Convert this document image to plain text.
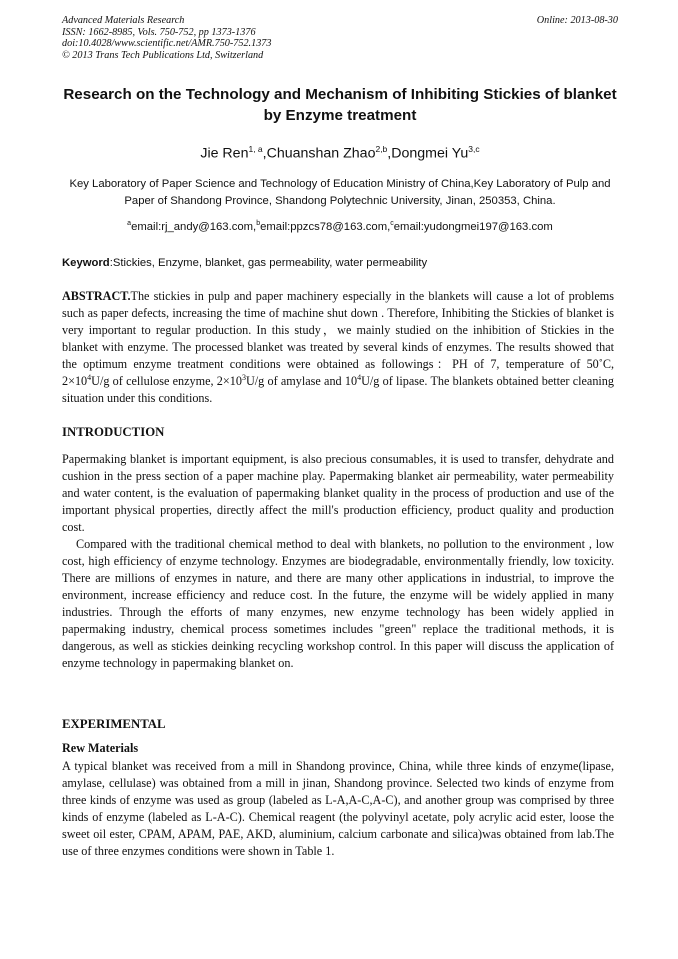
Advanced Materials Research
ISSN: 1662-8985, Vols. 750-752, pp 1373-1376
doi:10.4028/www.scientific.net/AMR.750-752.1373
© 2013 Trans Tech Publications Ltd, Switzerland
Online: 2013-08-30
Research on the Technology and Mechanism of Inhibiting Stickies of blanket by Enzyme treatment
Jie Ren$^{1, a}$,Chuanshan Zhao$^{2,b}$,Dongmei Yu$^{3,c}$
Key Laboratory of Paper Science and Technology of Education Ministry of China,Key Laboratory of Pulp and Paper of Shandong Province, Shandong Polytechnic University, Jinan, 250353, China.
$^a$email:rj_andy@163.com,$^b$email:ppzcs78@163.com,$^c$email:yudongmei197@163.com
Keyword:Stickies, Enzyme, blanket, gas permeability, water permeability
ABSTRACT.The stickies in pulp and paper machinery especially in the blankets will cause a lot of problems such as paper defects, increasing the time of machine shut down . Therefore, Inhibiting the Stickies of blanket is very important to regular production. In this study，we mainly studied on the inhibition of Stickies in the blanket with enzyme. The processed blanket was treated by several kinds of enzymes. The results showed that the optimum enzyme treatment conditions were obtained as followings：PH of 7, temperature of 50˚C, $2\times 10^4U/g$ of cellulose enzyme, $2\times 10^3U/g$ of amylase and $10^4U/g$ of lipase. The blankets obtained better cleaning situation under this conditions.
INTRODUCTION

Papermaking blanket is important equipment, is also precious consumables, it is used to transfer, dehydrate and cushion in the press section of a paper machine play. Papermaking blanket air permeability, water permeability and water content, is the evaluation of papermaking blanket quality in the process of production and use of the important physical properties, directly affect the mill's production efficiency, product quality and production cost.

Compared with the traditional chemical method to deal with blankets, no pollution to the environment , low cost, high efficiency of enzyme technology. Enzymes are biodegradable, environmentally friendly, low toxicity. There are millions of enzymes in nature, and there are many other applications in industrial, to improve the environment, increase efficiency and reduce cost. In the future, the enzyme will be widely applied in many industries. Through the efforts of many enzymes, new enzyme technology has been widely applied in papermaking industry, chemical process sometimes includes "green" replace the traditional methods, it is dangerous, as well as stickies deinking recycling workshop control. In this paper will discuss the application of enzyme technology in papermaking blanket on.

EXPERIMENTAL
Rew Materials

A typical blanket was received from a mill in Shandong province, China, while three kinds of enzyme(lipase, amylase, cellulase) was obtained from a mill in jinan, Shandong province. Selected two kinds of enzyme from three kinds of enzyme was used as group (labeled as L-A,A-C,A-C), and another group was comprised by three kinds of enzyme (labeled as L-A-C). Chemical reagent (the polyvinyl acetate, poly acrylic acid ester, loose the sweet oil ester, CPAM, APAM, PAE, AKD, aluminium, calcium carbonate and silica)was obtained from lab.The use of three enzymes conditions were shown in Table 1.
